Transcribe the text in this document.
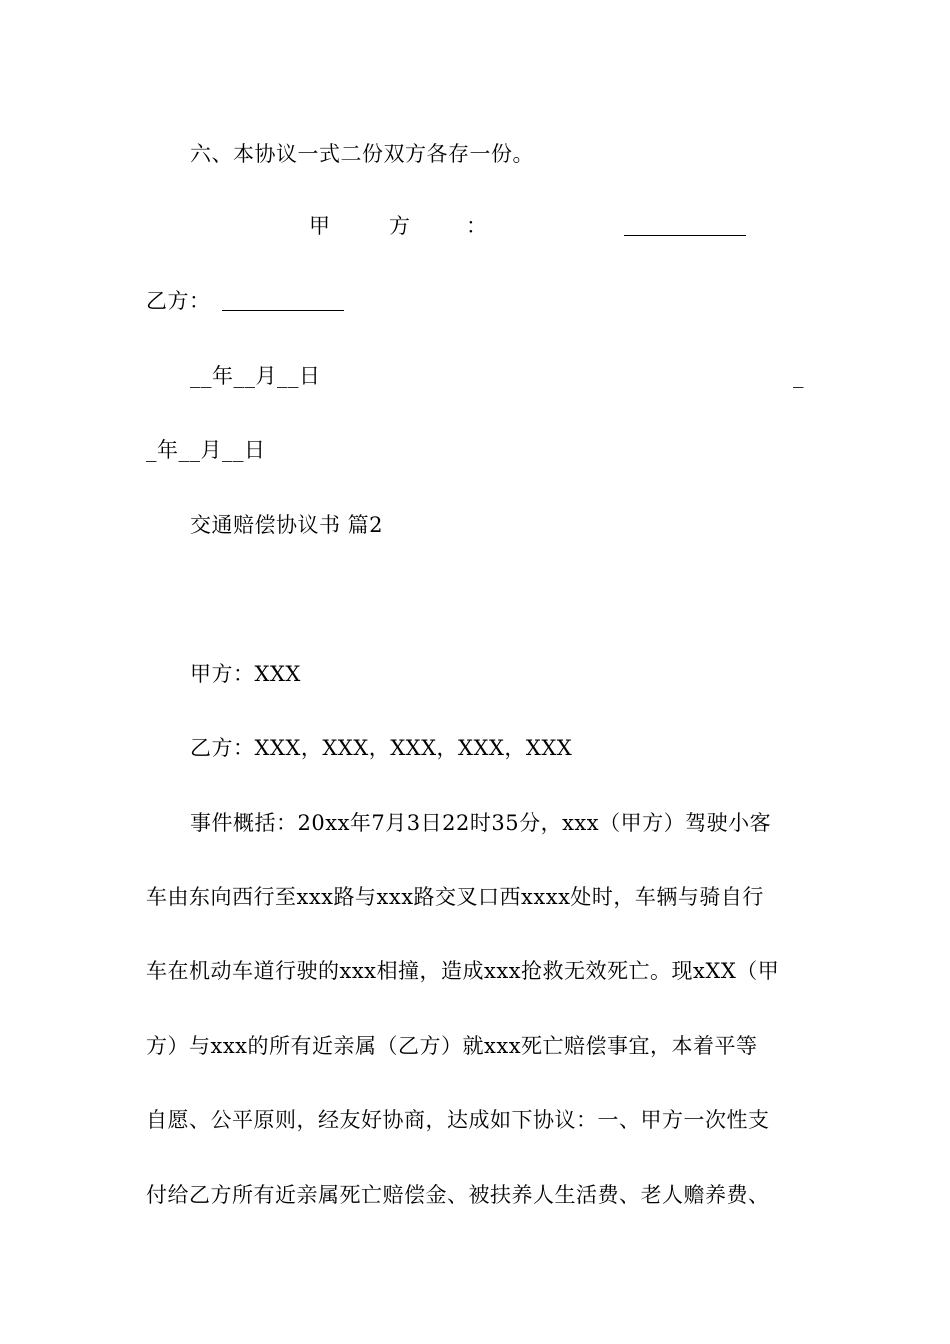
六、本协议一式二份双方各存一份。
甲	方	：
乙方：
__年__月__日	_
_年__月__日
交通赔偿协议书 篇2
甲方：XXX
乙方：XXX，XXX，XXX，XXX，XXX
事件概括：20xx年7月3日22时35分，xxx（甲方）驾驶小客
车由东向西行至xxx路与xxx路交叉口西xxxx处时，车辆与骑自行
车在机动车道行驶的xxx相撞，造成xxx抢救无效死亡。现xXX（甲
方）与xxx的所有近亲属（乙方）就xxx死亡赔偿事宜，本着平等
自愿、公平原则，经友好协商，达成如下协议：一、甲方一次性支
付给乙方所有近亲属死亡赔偿金、被扶养人生活费、老人赡养费、
